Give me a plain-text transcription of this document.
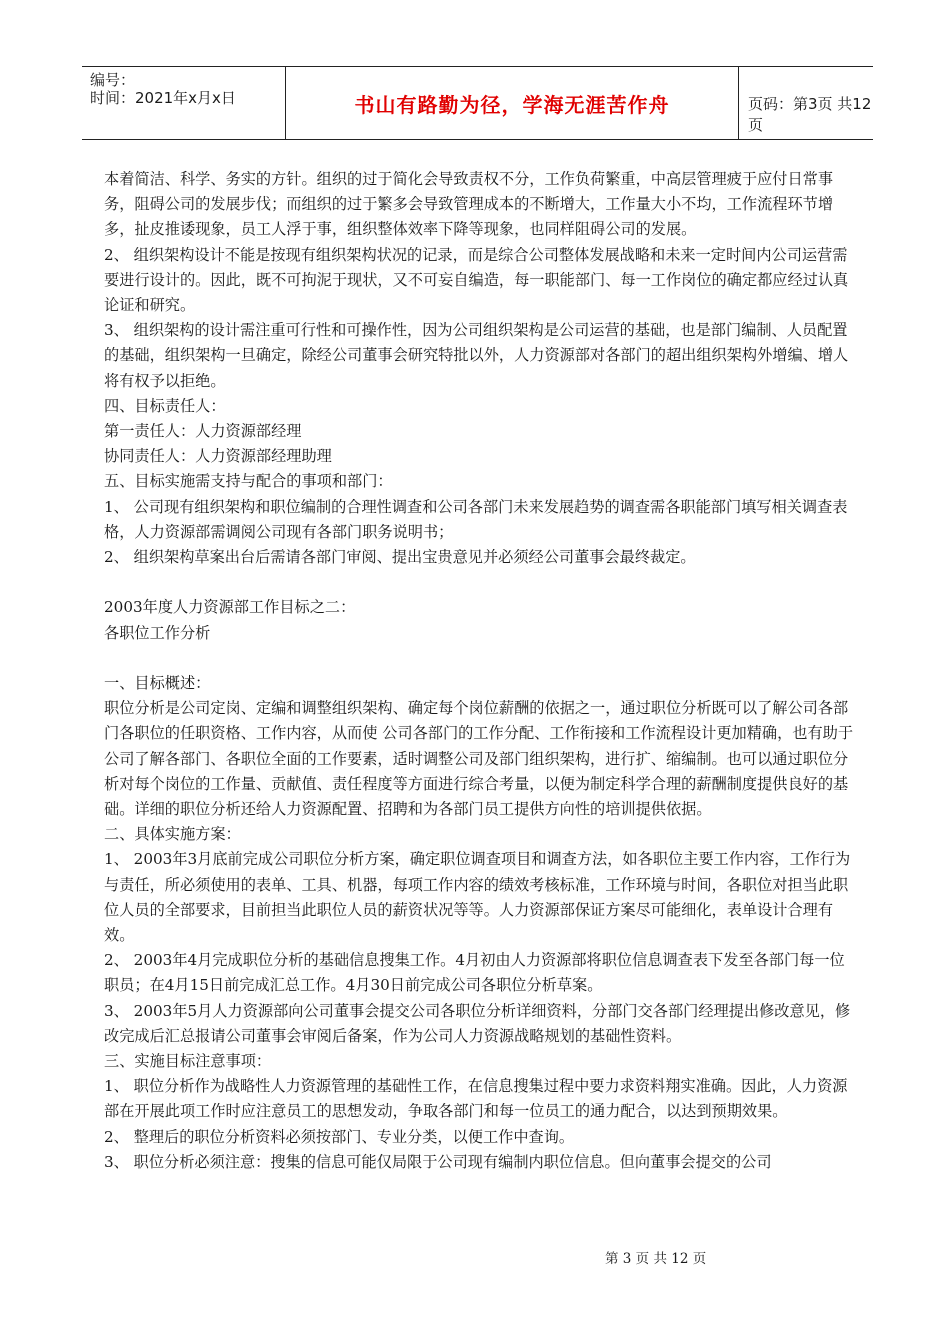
编号：
时间：2021年x月x日	书山有路勤为径，学海无涯苦作舟	页码：第3页 共12页

本着简洁、科学、务实的方针。组织的过于简化会导致责权不分，工作负荷繁重，中高层管理疲于应付日常事务，阻碍公司的发展步伐；而组织的过于繁多会导致管理成本的不断增大，工作量大小不均，工作流程环节增多，扯皮推诿现象，员工人浮于事，组织整体效率下降等现象，也同样阻碍公司的发展。

2、 组织架构设计不能是按现有组织架构状况的记录，而是综合公司整体发展战略和未来一定时间内公司运营需要进行设计的。因此，既不可拘泥于现状，又不可妄自编造，每一职能部门、每一工作岗位的确定都应经过认真论证和研究。

3、 组织架构的设计需注重可行性和可操作性，因为公司组织架构是公司运营的基础，也是部门编制、人员配置的基础，组织架构一旦确定，除经公司董事会研究特批以外，人力资源部对各部门的超出组织架构外增编、增人将有权予以拒绝。

四、目标责任人：

第一责任人：人力资源部经理

协同责任人：人力资源部经理助理

五、目标实施需支持与配合的事项和部门：

1、 公司现有组织架构和职位编制的合理性调查和公司各部门未来发展趋势的调查需各职能部门填写相关调查表格，人力资源部需调阅公司现有各部门职务说明书；

2、 组织架构草案出台后需请各部门审阅、提出宝贵意见并必须经公司董事会最终裁定。

2003年度人力资源部工作目标之二：

各职位工作分析

一、目标概述：

职位分析是公司定岗、定编和调整组织架构、确定每个岗位薪酬的依据之一，通过职位分析既可以了解公司各部门各职位的任职资格、工作内容，从而使 公司各部门的工作分配、工作衔接和工作流程设计更加精确，也有助于公司了解各部门、各职位全面的工作要素，适时调整公司及部门组织架构，进行扩、缩编制。也可以通过职位分析对每个岗位的工作量、贡献值、责任程度等方面进行综合考量，以便为制定科学合理的薪酬制度提供良好的基础。详细的职位分析还给人力资源配置、招聘和为各部门员工提供方向性的培训提供依据。

二、具体实施方案：

1、 2003年3月底前完成公司职位分析方案，确定职位调查项目和调查方法，如各职位主要工作内容，工作行为与责任，所必须使用的表单、工具、机器，每项工作内容的绩效考核标准，工作环境与时间，各职位对担当此职位人员的全部要求，目前担当此职位人员的薪资状况等等。人力资源部保证方案尽可能细化，表单设计合理有效。

2、 2003年4月完成职位分析的基础信息搜集工作。4月初由人力资源部将职位信息调查表下发至各部门每一位职员；在4月15日前完成汇总工作。4月30日前完成公司各职位分析草案。

3、 2003年5月人力资源部向公司董事会提交公司各职位分析详细资料，分部门交各部门经理提出修改意见，修改完成后汇总报请公司董事会审阅后备案，作为公司人力资源战略规划的基础性资料。

三、实施目标注意事项：

1、 职位分析作为战略性人力资源管理的基础性工作，在信息搜集过程中要力求资料翔实准确。因此，人力资源部在开展此项工作时应注意员工的思想发动，争取各部门和每一位员工的通力配合，以达到预期效果。

2、 整理后的职位分析资料必须按部门、专业分类，以便工作中查询。

3、 职位分析必须注意：搜集的信息可能仅局限于公司现有编制内职位信息。但向董事会提交的公司

第 3 页 共 12 页
